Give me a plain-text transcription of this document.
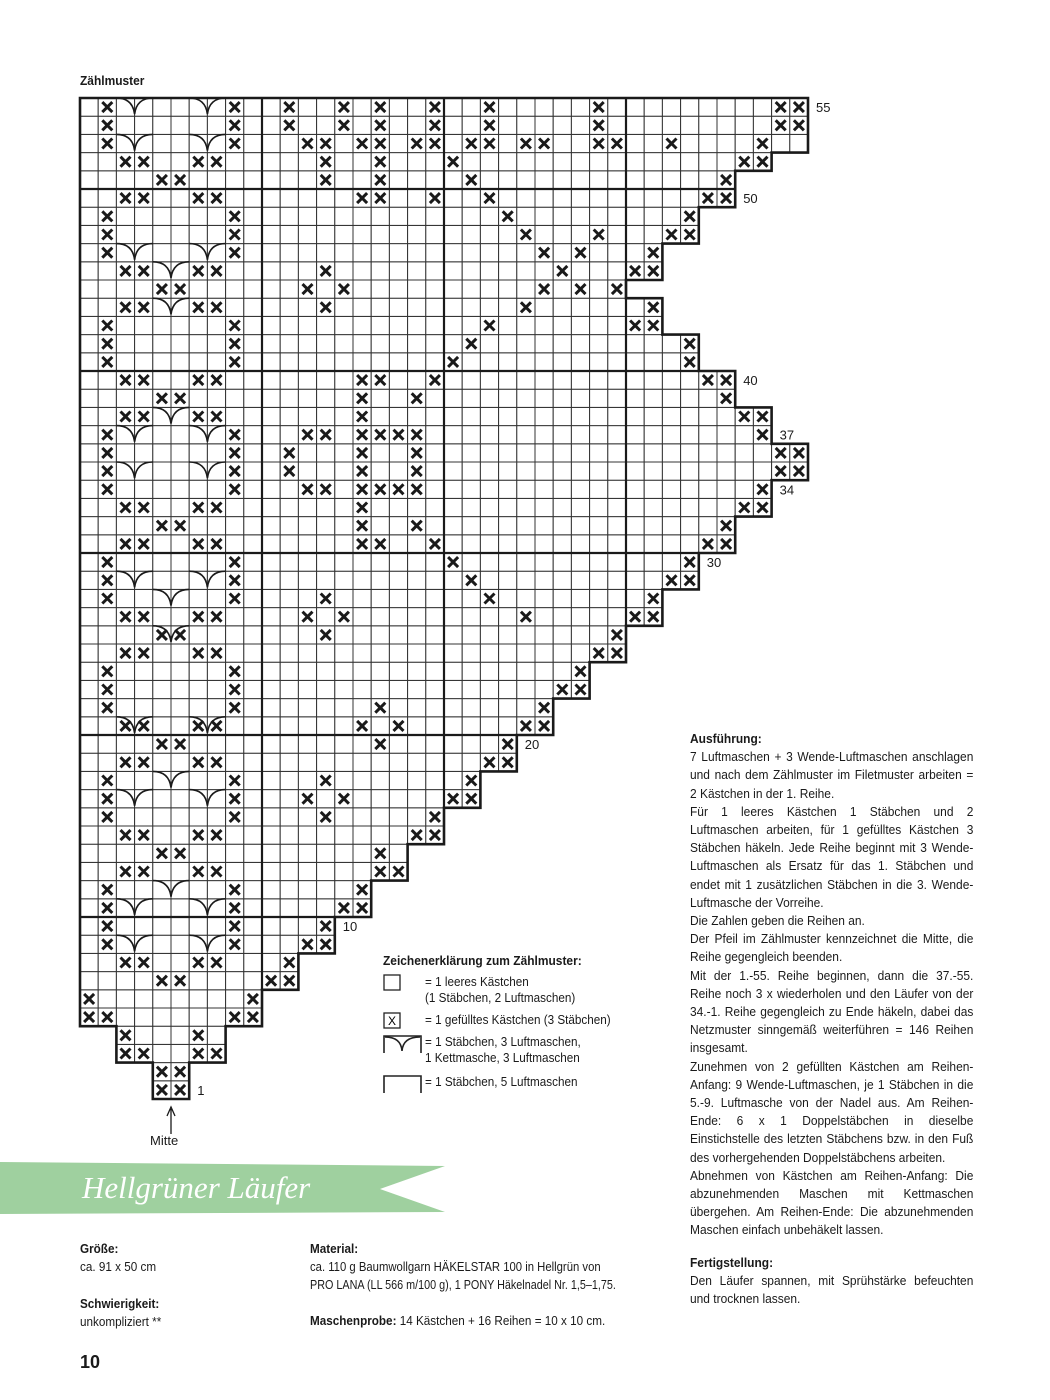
Zählmuster
55
50
40
37
34
30
20
10
1
Mitte
Zeichenerklärung zum Zählmuster:
= 1 leeres Kästchen
(1 Stäbchen, 2 Luftmaschen)
X = 1 gefülltes Kästchen (3 Stäbchen)
= 1 Stäbchen, 3 Luftmaschen,
1 Kettmasche, 3 Luftmaschen
= 1 Stäbchen, 5 Luftmaschen
Hellgrüner Läufer
Größe:
ca. 91 x 50 cm
Schwierigkeit:
unkompliziert **
Material:
ca. 110 g Baumwollgarn HÄKELSTAR 100 in Hellgrün von
PRO LANA (LL 566 m/100 g), 1 PONY Häkelnadel Nr. 1,5–1,75.
Maschenprobe: 14 Kästchen + 16 Reihen = 10 x 10 cm.

Ausführung:

7 Luftmaschen + 3 Wende-Luftmaschen anschlagen und nach dem Zählmuster im Filetmuster arbeiten = 2 Kästchen in der 1. Reihe.

Für 1 leeres Kästchen 1 Stäbchen und 2 Luftmaschen arbeiten, für 1 gefülltes Kästchen 3 Stäbchen häkeln. Jede Reihe beginnt mit 3 Wende-Luftmaschen als Ersatz für das 1. Stäbchen und endet mit 1 zusätzlichen Stäbchen in die 3. Wende-Luftmasche der Vorreihe.

Die Zahlen geben die Reihen an.

Der Pfeil im Zählmuster kennzeichnet die Mitte, die Reihe gegengleich beenden.

Mit der 1.-55. Reihe beginnen, dann die 37.-55. Reihe noch 3 x wiederholen und den Läufer von der 34.-1. Reihe gegengleich zu Ende häkeln, dabei das Netzmuster sinngemäß weiterführen = 146 Reihen insgesamt.

Zunehmen von 2 gefüllten Kästchen am Reihen-Anfang: 9 Wende-Luftmaschen, je 1 Stäbchen in die 5.-9. Luftmasche von der Nadel aus. Am Reihen-Ende: 6 x 1 Doppelstäbchen in dieselbe Einstichstelle des letzten Stäbchens bzw. in den Fuß des vorhergehenden Doppelstäbchens arbeiten.

Abnehmen von Kästchen am Reihen-Anfang: Die abzunehmenden Maschen mit Kettmaschen übergehen. Am Reihen-Ende: Die abzunehmenden Maschen einfach unbehäkelt lassen.

Fertigstellung:

Den Läufer spannen, mit Sprühstärke befeuchten und trocknen lassen.

10
